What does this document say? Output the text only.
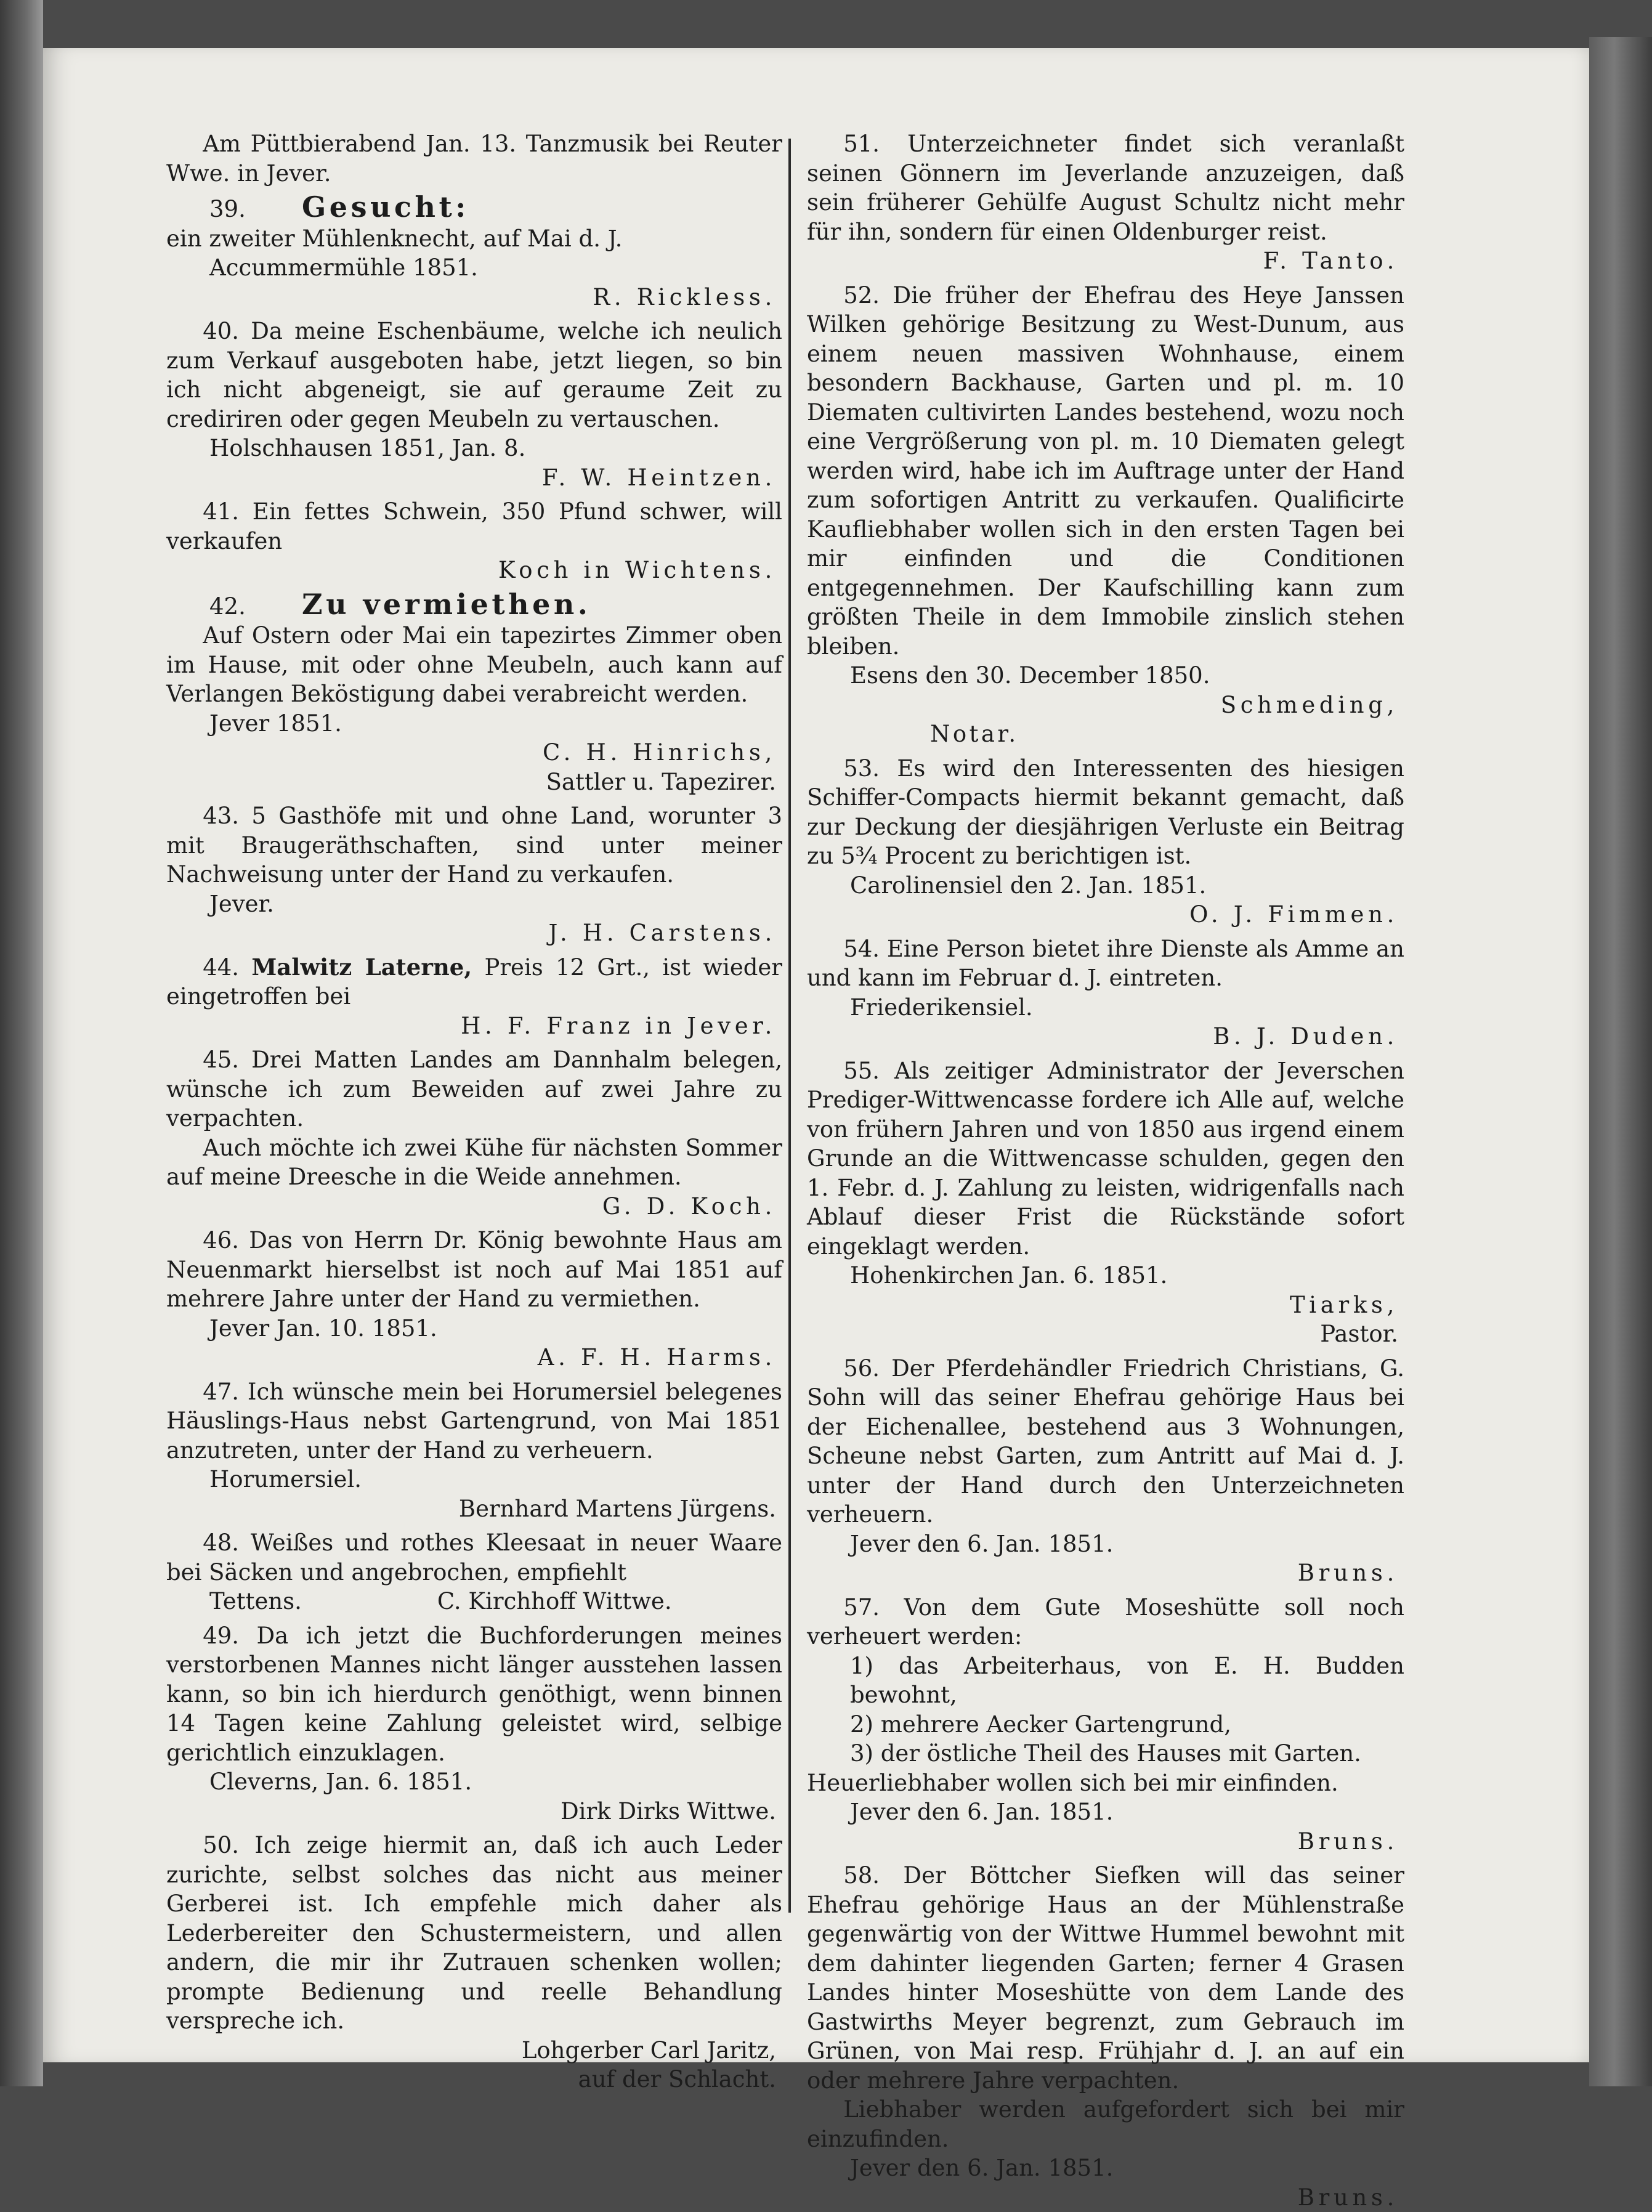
Am Püttbierabend Jan. 13. Tanzmusik bei Reuter Wwe. in Jever.

39.	Gesucht:

ein zweiter Mühlenknecht, auf Mai d. J.

Accummermühle 1851.

R. Rickless.

40. Da meine Eschenbäume, welche ich neulich zum Verkauf ausgeboten habe, jetzt liegen, so bin ich nicht abgeneigt, sie auf geraume Zeit zu crediriren oder gegen Meubeln zu vertauschen.

Holschhausen 1851, Jan. 8.

F. W. Heintzen.

41. Ein fettes Schwein, 350 Pfund schwer, will verkaufen

Koch in Wichtens.

42.	Zu vermiethen.

Auf Ostern oder Mai ein tapezirtes Zimmer oben im Hause, mit oder ohne Meubeln, auch kann auf Verlangen Beköstigung dabei verabreicht werden.

Jever 1851.

C. H. Hinrichs,

Sattler u. Tapezirer.

43. 5 Gasthöfe mit und ohne Land, worunter 3 mit Braugeräthschaften, sind unter meiner Nachweisung unter der Hand zu verkaufen.

Jever.

J. H. Carstens.

44. Malwitz Laterne, Preis 12 Grt., ist wieder eingetroffen bei

H. F. Franz in Jever.

45. Drei Matten Landes am Dannhalm belegen, wünsche ich zum Beweiden auf zwei Jahre zu verpachten.

Auch möchte ich zwei Kühe für nächsten Sommer auf meine Dreesche in die Weide annehmen.

G. D. Koch.

46. Das von Herrn Dr. König bewohnte Haus am Neuenmarkt hierselbst ist noch auf Mai 1851 auf mehrere Jahre unter der Hand zu vermiethen.

Jever Jan. 10. 1851.

A. F. H. Harms.

47. Ich wünsche mein bei Horumersiel belegenes Häuslings-Haus nebst Gartengrund, von Mai 1851 anzutreten, unter der Hand zu verheuern.

Horumersiel.

Bernhard Martens Jürgens.

48. Weißes und rothes Kleesaat in neuer Waare bei Säcken und angebrochen, empfiehlt

Tettens.	C. Kirchhoff Wittwe.

49. Da ich jetzt die Buchforderungen meines verstorbenen Mannes nicht länger ausstehen lassen kann, so bin ich hierdurch genöthigt, wenn binnen 14 Tagen keine Zahlung geleistet wird, selbige gerichtlich einzuklagen.

Cleverns, Jan. 6. 1851.

Dirk Dirks Wittwe.

50. Ich zeige hiermit an, daß ich auch Leder zurichte, selbst solches das nicht aus meiner Gerberei ist. Ich empfehle mich daher als Lederbereiter den Schustermeistern, und allen andern, die mir ihr Zutrauen schenken wollen; prompte Bedienung und reelle Behandlung verspreche ich.

Lohgerber Carl Jaritz,

auf der Schlacht.

51. Unterzeichneter findet sich veranlaßt seinen Gönnern im Jeverlande anzuzeigen, daß sein früherer Gehülfe August Schultz nicht mehr für ihn, sondern für einen Oldenburger reist.

F. Tanto.

52. Die früher der Ehefrau des Heye Janssen Wilken gehörige Besitzung zu West-Dunum, aus einem neuen massiven Wohnhause, einem besondern Backhause, Garten und pl. m. 10 Diematen cultivirten Landes bestehend, wozu noch eine Vergrößerung von pl. m. 10 Diematen gelegt werden wird, habe ich im Auftrage unter der Hand zum sofortigen Antritt zu verkaufen. Qualificirte Kaufliebhaber wollen sich in den ersten Tagen bei mir einfinden und die Conditionen entgegennehmen. Der Kaufschilling kann zum größten Theile in dem Immobile zinslich stehen bleiben.

Esens den 30. December 1850.

Schmeding,

Notar.

53. Es wird den Interessenten des hiesigen Schiffer-Compacts hiermit bekannt gemacht, daß zur Deckung der diesjährigen Verluste ein Beitrag zu 5¾ Procent zu berichtigen ist.

Carolinensiel den 2. Jan. 1851.

O. J. Fimmen.

54. Eine Person bietet ihre Dienste als Amme an und kann im Februar d. J. eintreten.

Friederikensiel.

B. J. Duden.

55. Als zeitiger Administrator der Jeverschen Prediger-Wittwencasse fordere ich Alle auf, welche von frühern Jahren und von 1850 aus irgend einem Grunde an die Wittwencasse schulden, gegen den 1. Febr. d. J. Zahlung zu leisten, widrigenfalls nach Ablauf dieser Frist die Rückstände sofort eingeklagt werden.

Hohenkirchen Jan. 6. 1851.

Tiarks,

Pastor.

56. Der Pferdehändler Friedrich Christians, G. Sohn will das seiner Ehefrau gehörige Haus bei der Eichenallee, bestehend aus 3 Wohnungen, Scheune nebst Garten, zum Antritt auf Mai d. J. unter der Hand durch den Unterzeichneten verheuern.

Jever den 6. Jan. 1851.

Bruns.

57. Von dem Gute Moseshütte soll noch verheuert werden:

1) das Arbeiterhaus, von E. H. Budden bewohnt,

2) mehrere Aecker Gartengrund,

3) der östliche Theil des Hauses mit Garten.

Heuerliebhaber wollen sich bei mir einfinden.

Jever den 6. Jan. 1851.

Bruns.

58. Der Böttcher Siefken will das seiner Ehefrau gehörige Haus an der Mühlenstraße gegenwärtig von der Wittwe Hummel bewohnt mit dem dahinter liegenden Garten; ferner 4 Grasen Landes hinter Moseshütte von dem Lande des Gastwirths Meyer begrenzt, zum Gebrauch im Grünen, von Mai resp. Frühjahr d. J. an auf ein oder mehrere Jahre verpachten.

Liebhaber werden aufgefordert sich bei mir einzufinden.

Jever den 6. Jan. 1851.

Bruns.
